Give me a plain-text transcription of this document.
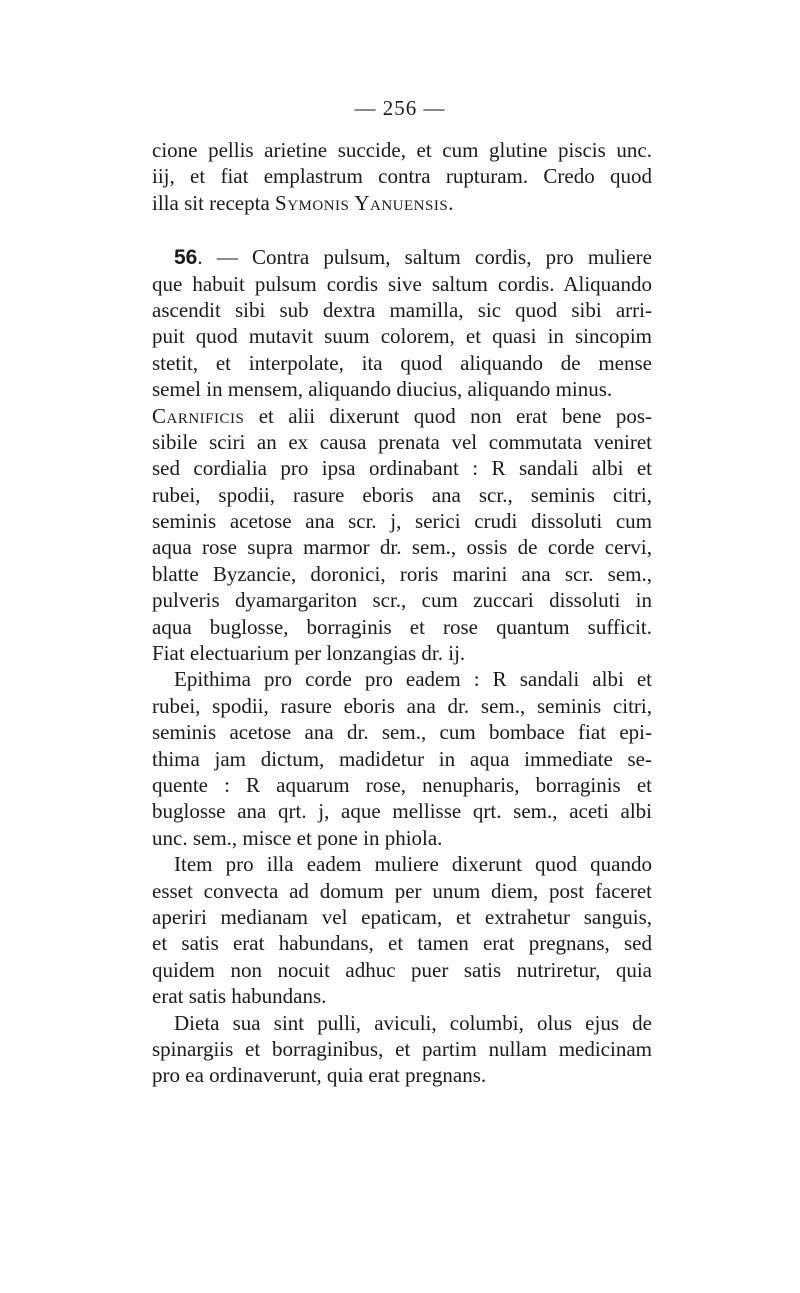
— 256 —
cione pellis arietine succide, et cum glutine piscis unc.
iij, et fiat emplastrum contra rupturam. Credo quod
illa sit recepta Symonis Yanuensis.
56. — Contra pulsum, saltum cordis, pro muliere
que habuit pulsum cordis sive saltum cordis. Aliquando
ascendit sibi sub dextra mamilla, sic quod sibi arri-
puit quod mutavit suum colorem, et quasi in sincopim
stetit, et interpolate, ita quod aliquando de mense
semel in mensem, aliquando diucius, aliquando minus.
Carnificis et alii dixerunt quod non erat bene pos-
sibile sciri an ex causa prenata vel commutata veniret
sed cordialia pro ipsa ordinabant : R sandali albi et
rubei, spodii, rasure eboris ana scr., seminis citri,
seminis acetose ana scr. j, serici crudi dissoluti cum
aqua rose supra marmor dr. sem., ossis de corde cervi,
blatte Byzancie, doronici, roris marini ana scr. sem.,
pulveris dyamargariton scr., cum zuccari dissoluti in
aqua buglosse, borraginis et rose quantum sufficit.
Fiat electuarium per lonzangias dr. ij.
Epithima pro corde pro eadem : R sandali albi et
rubei, spodii, rasure eboris ana dr. sem., seminis citri,
seminis acetose ana dr. sem., cum bombace fiat epi-
thima jam dictum, madidetur in aqua immediate se-
quente : R aquarum rose, nenupharis, borraginis et
buglosse ana qrt. j, aque mellisse qrt. sem., aceti albi
unc. sem., misce et pone in phiola.
Item pro illa eadem muliere dixerunt quod quando
esset convecta ad domum per unum diem, post faceret
aperiri medianam vel epaticam, et extrahetur sanguis,
et satis erat habundans, et tamen erat pregnans, sed
quidem non nocuit adhuc puer satis nutriretur, quia
erat satis habundans.
Dieta sua sint pulli, aviculi, columbi, olus ejus de
spinargiis et borraginibus, et partim nullam medicinam
pro ea ordinaverunt, quia erat pregnans.
